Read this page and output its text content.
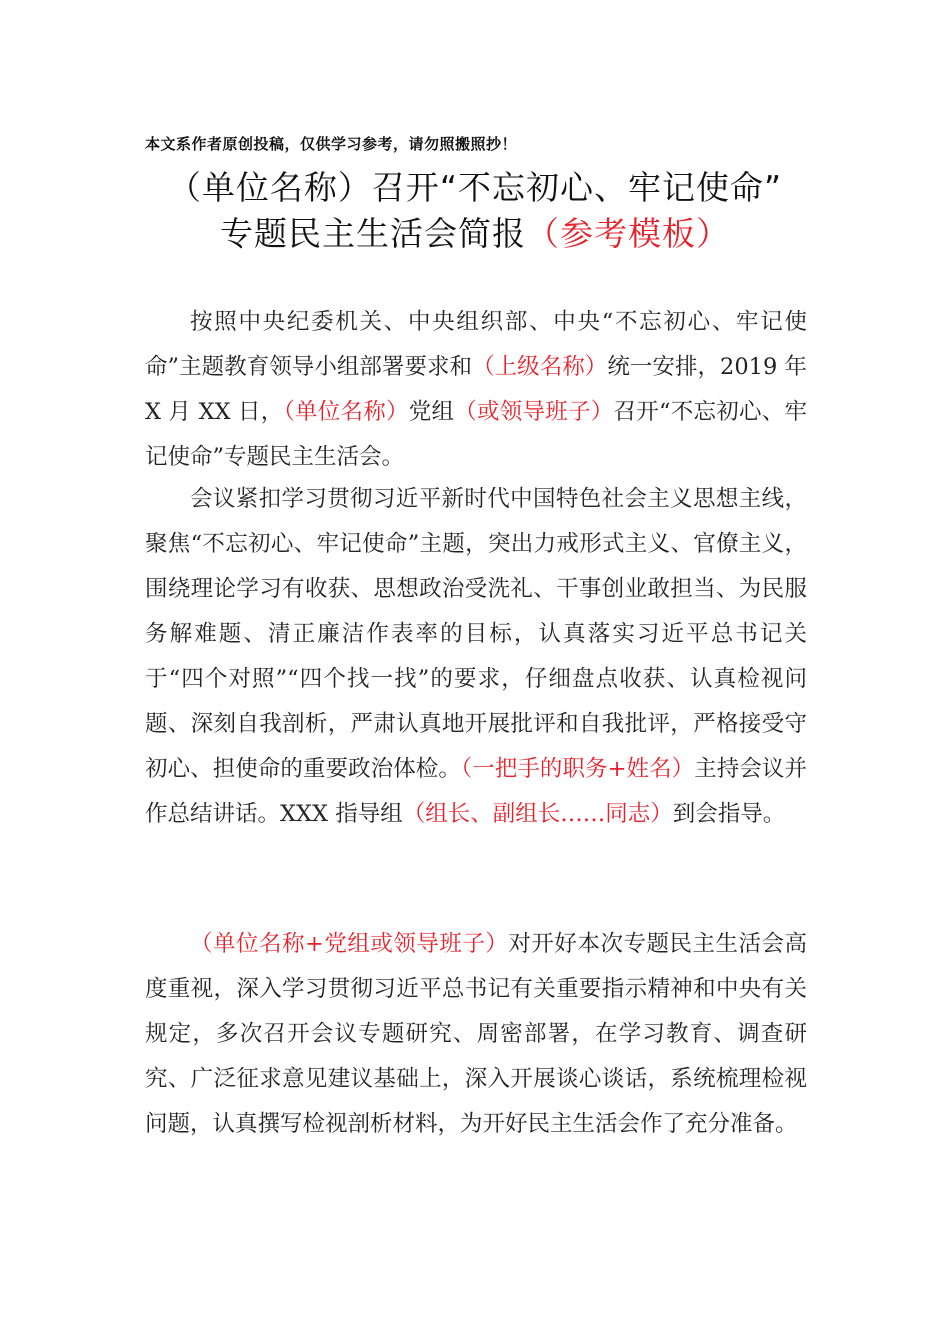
本文系作者原创投稿，仅供学习参考，请勿照搬照抄！
（单位名称）召开“不忘初心、牢记使命”
专题民主生活会简报（参考模板）

按照中央纪委机关、中央组织部、中央“不忘初心、牢记使命”主题教育领导小组部署要求和（上级名称）统一安排，2019 年 X 月 XX 日，（单位名称）党组（或领导班子）召开“不忘初心、牢记使命”专题民主生活会。

会议紧扣学习贯彻习近平新时代中国特色社会主义思想主线，聚焦“不忘初心、牢记使命”主题，突出力戒形式主义、官僚主义，围绕理论学习有收获、思想政治受洗礼、干事创业敢担当、为民服务解难题、清正廉洁作表率的目标，认真落实习近平总书记关于“四个对照”“四个找一找”的要求，仔细盘点收获、认真检视问题、深刻自我剖析，严肃认真地开展批评和自我批评，严格接受守初心、担使命的重要政治体检。（一把手的职务+姓名）主持会议并作总结讲话。XXX 指导组（组长、副组长……同志）到会指导。

（单位名称+党组或领导班子）对开好本次专题民主生活会高度重视，深入学习贯彻习近平总书记有关重要指示精神和中央有关规定，多次召开会议专题研究、周密部署，在学习教育、调查研究、广泛征求意见建议基础上，深入开展谈心谈话，系统梳理检视问题，认真撰写检视剖析材料，为开好民主生活会作了充分准备。
